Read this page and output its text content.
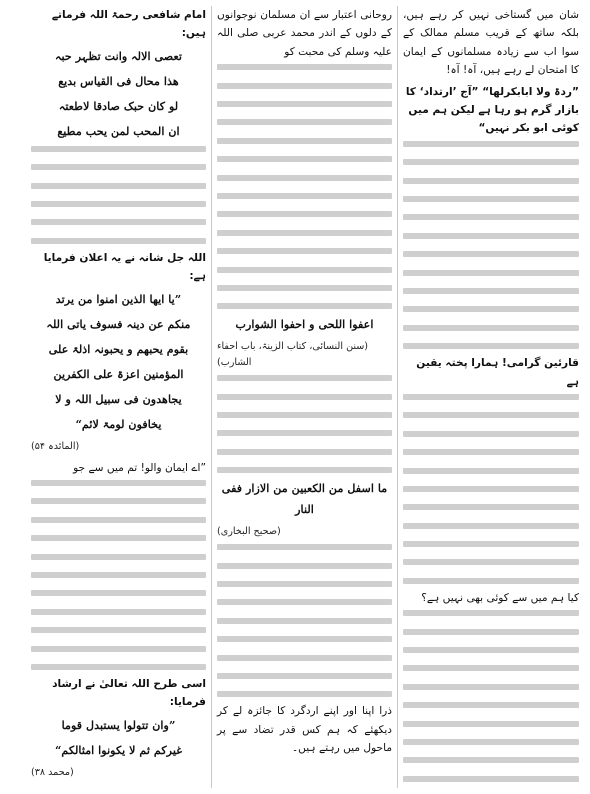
شان میں گستاخی نہیں کر رہے ہیں، بلکہ ساتھ کے قریب مسلم ممالک کے سوا اب سے زیادہ مسلمانوں کے ایمان کا امتحان لے رہے ہیں، آہ! آہ!

”ردۃ ولا ابابکرلھا“ ”آج ’ارتداد‘ کا بازار گرم ہو رہا ہے لیکن ہم میں کوئی ابو بکر نہیں“

قارئین گرامی! ہمارا پختہ یقین ہے

کیا ہم میں سے کوئی بھی نہیں ہے؟

روحانی اعتبار سے ان مسلمان نوجوانوں کے دلوں کے اندر محمد عربی صلی اللہ علیہ وسلم کی محبت کو

اعفوا اللحی و احفوا الشوارب

(سنن النسائی، کتاب الزینۃ، باب احفاء الشارب)

ما اسفل من الکعبین من الازار ففی النار

(صحیح البخاری)

ذرا اپنا اور اپنے اردگرد کا جائزہ لے کر دیکھئے کہ ہم کس قدر تضاد سے پر ماحول میں رہتے ہیں۔

امام شافعی رحمۃ اللہ فرماتے ہیں:

تعصی الالہ وانت تظہر حبہ

ھذا محال فی القیاس بدیع

لو کان حبک صادقا لاطعتہ

ان المحب لمن یحب مطیع

اللہ جل شانہ نے یہ اعلان فرمایا ہے:

”یا ایھا الذین امنوا من یرتد

منکم عن دینہ فسوف یاتی اللہ

بقوم یحبھم و یحبونہ اذلۃ علی

المؤمنین اعزۃ علی الکفرین

یجاھدون فی سبیل اللہ و لا

یخافون لومۃ لائم“

(المائدہ ۵۴)

”اے ایمان والو! تم میں سے جو

اسی طرح اللہ تعالیٰ نے ارشاد فرمایا:

”وان تتولوا یستبدل قوما

غیرکم ثم لا یکونوا امثالکم“

(محمد ۳۸)
